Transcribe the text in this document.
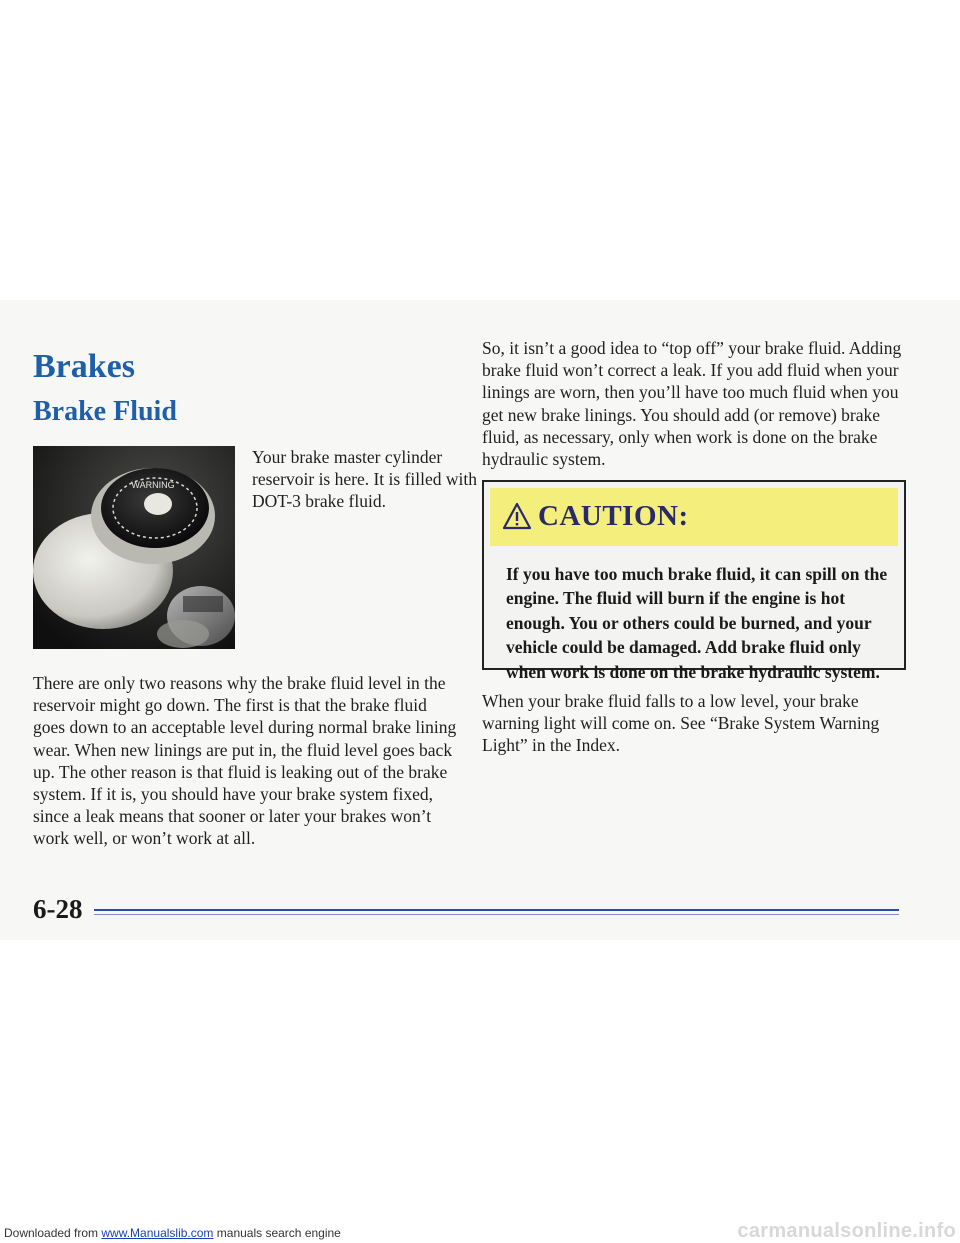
Brakes
Brake Fluid
WARNING
Your brake master cylinder reservoir is here. It is filled with DOT-3 brake fluid.
There are only two reasons why the brake fluid level in the reservoir might go down. The first is that the brake fluid goes down to an acceptable level during normal brake lining wear. When new linings are put in, the fluid level goes back up. The other reason is that fluid is leaking out of the brake system. If it is, you should have your brake system fixed, since a leak means that sooner or later your brakes won’t work well, or won’t work at all.
So, it isn’t a good idea to “top off” your brake fluid. Adding brake fluid won’t correct a leak. If you add fluid when your linings are worn, then you’ll have too much fluid when you get new brake linings. You should add (or remove) brake fluid, as necessary, only when work is done on the brake hydraulic system.
CAUTION:
If you have too much brake fluid, it can spill on the engine. The fluid will burn if the engine is hot enough. You or others could be burned, and your vehicle could be damaged. Add brake fluid only when work is done on the brake hydraulic system.
When your brake fluid falls to a low level, your brake warning light will come on. See “Brake System Warning Light” in the Index.
6-28
Downloaded from www.Manualslib.com manuals search engine	carmanualsonline.info
